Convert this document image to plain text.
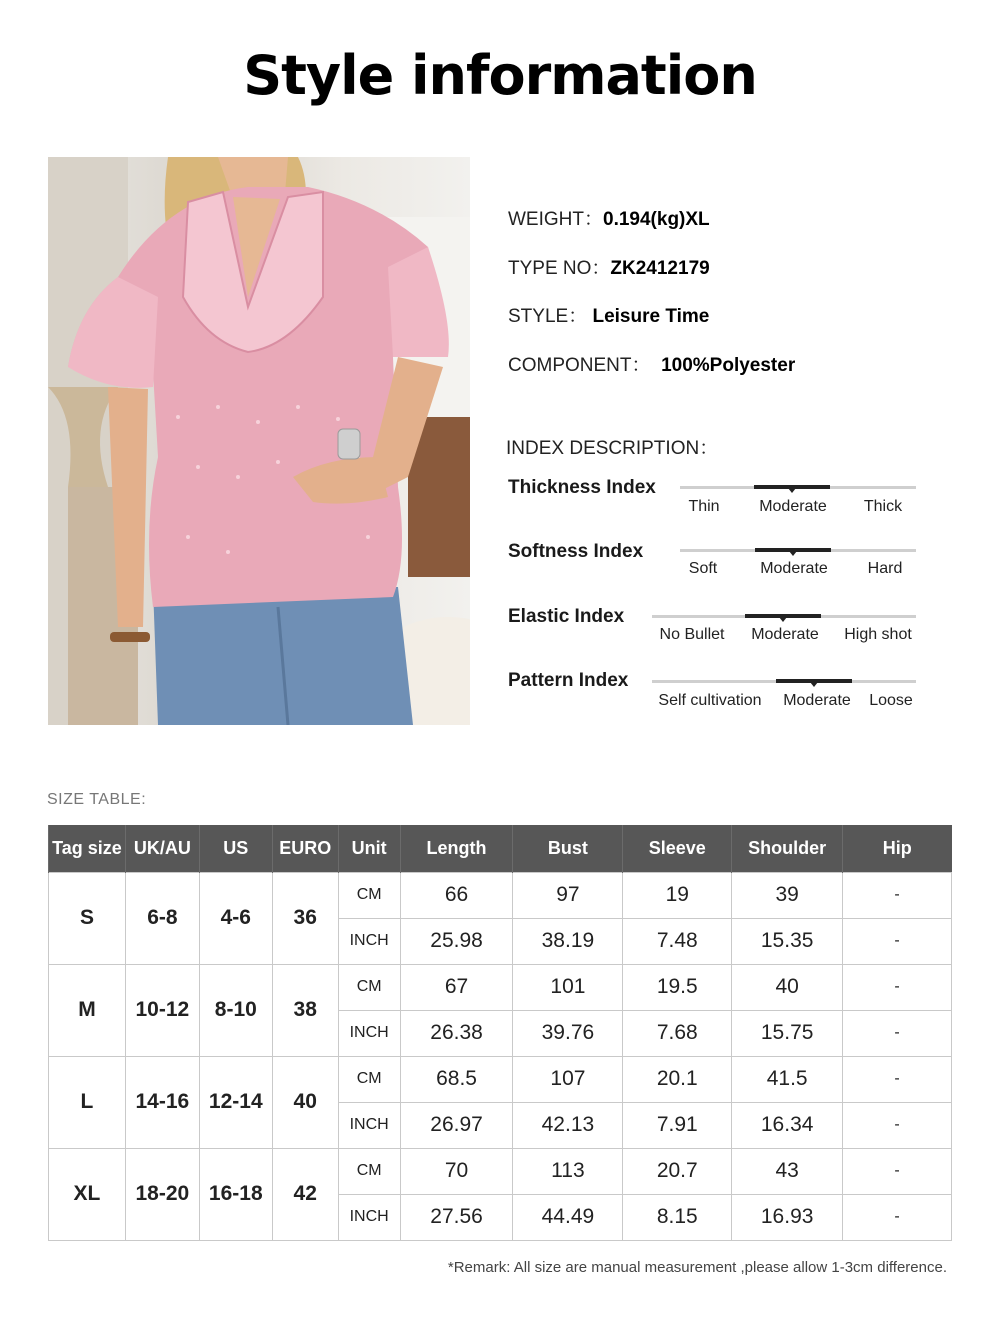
Style information
WEIGHT：0.194(kg)XL
TYPE NO：ZK2412179
STYLE： Leisure Time
COMPONENT： 100%Polyester
INDEX DESCRIPTION：
Thickness Index
Thin Moderate Thick
Softness Index
Soft	Moderate Hard
Elastic Index
No Bullet Moderate High shot
Pattern Index
Self cultivation Moderate Loose
SIZE TABLE:
Tag size	UK/AU	US	EURO	Unit	Length	Bust	Sleeve	Shoulder	Hip
S	6-8	4-6	36	CM	66	97	19	39	-
				INCH	25.98	38.19	7.48	15.35	-
M	10-12	8-10	38	CM	67	101	19.5	40	-
				INCH	26.38	39.76	7.68	15.75	-
L	14-16	12-14	40	CM	68.5	107	20.1	41.5	-
				INCH	26.97	42.13	7.91	16.34	-
XL	18-20	16-18	42	CM	70	113	20.7	43	-
				INCH	27.56	44.49	8.15	16.93	-
*Remark: All size are manual measurement ,please allow 1-3cm difference.
